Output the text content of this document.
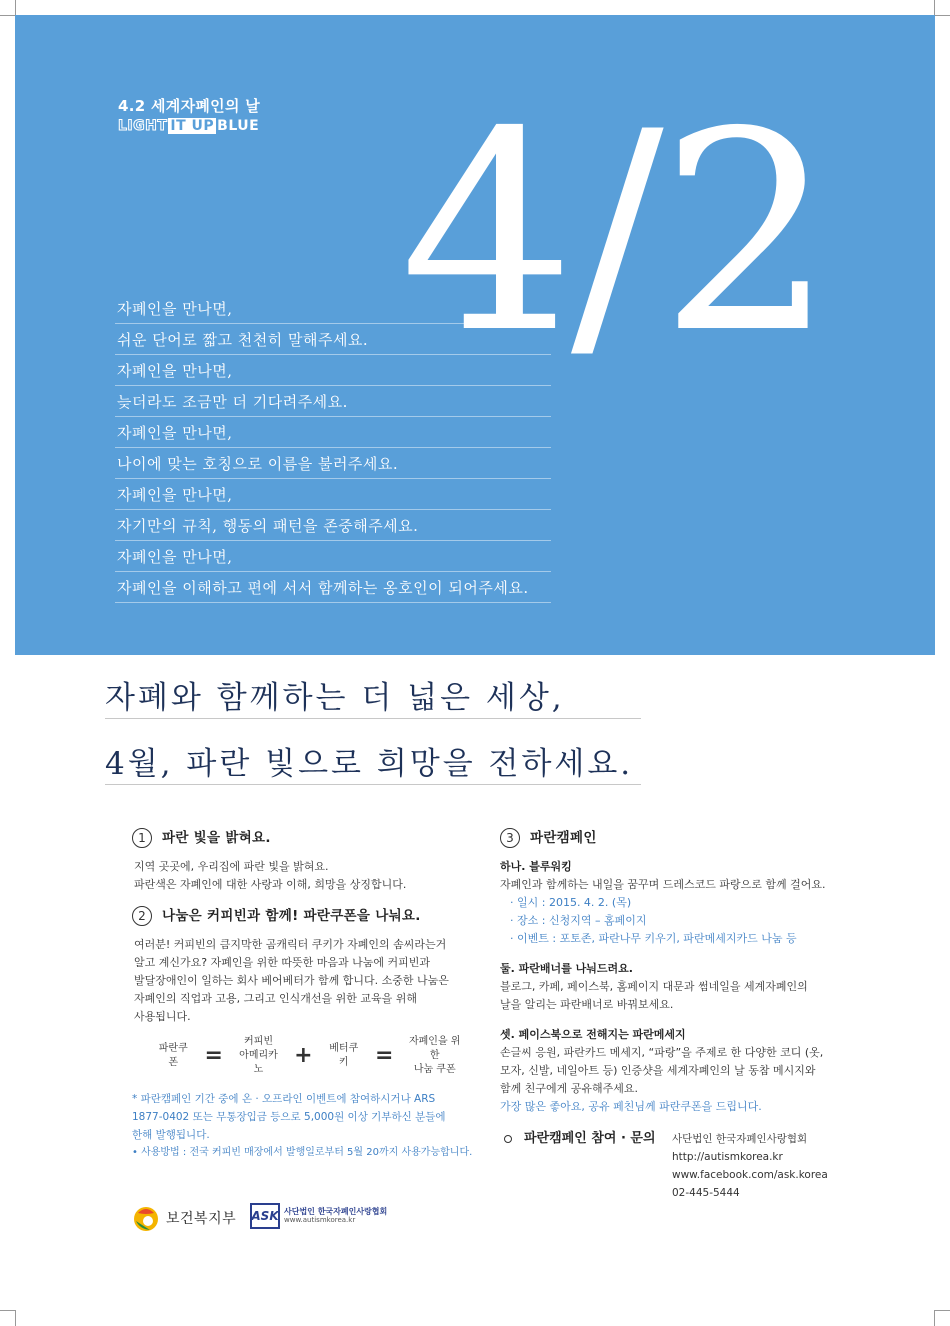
4.2 세계자폐인의 날
LIGHT IT UP BLUE 4/2
자폐인을 만나면,
쉬운 단어로 짧고 천천히 말해주세요.
자폐인을 만나면,
늦더라도 조금만 더 기다려주세요.
자폐인을 만나면,
나이에 맞는 호칭으로 이름을 불러주세요.
자폐인을 만나면,
자기만의 규칙, 행동의 패턴을 존중해주세요.
자폐인을 만나면,
자폐인을 이해하고 편에 서서 함께하는 옹호인이 되어주세요.
자폐와 함께하는 더 넓은 세상,
4월, 파란 빛으로 희망을 전하세요.
1	파란 빛을 밝혀요.
지역 곳곳에, 우리집에 파란 빛을 밝혀요.
파란색은 자폐인에 대한 사랑과 이해, 희망을 상징합니다.
2	나눔은 커피빈과 함께! 파란쿠폰을 나눠요.
여러분! 커피빈의 큼지막한 곰캐릭터 쿠키가 자폐인의 솜씨라는거
알고 계신가요? 자폐인을 위한 따뜻한 마음과 나눔에 커피빈과
발달장애인이 일하는 회사 베어베터가 함께 합니다. 소중한 나눔은
자폐인의 직업과 고용, 그리고 인식개선을 위한 교육을 위해
사용됩니다.
파란쿠폰	=
커피빈
아메리카노
+ 베터쿠키	=
자폐인을 위한
나눔 쿠폰
* 파란캠페인 기간 중에 온 · 오프라인 이벤트에 참여하시거나 ARS
1877-0402 또는 무통장입금 등으로 5,000원 이상 기부하신 분들에
한해 발행됩니다.
• 사용방법 : 전국 커피빈 매장에서 발행일로부터 5월 20까지 사용가능합니다.
3	파란캠페인
하나. 블루워킹
자폐인과 함께하는 내일을 꿈꾸며 드레스코드 파랑으로 함께 걸어요.
· 일시 : 2015. 4. 2. (목)
· 장소 : 신청지역 – 홈페이지
· 이벤트 : 포토존, 파란나무 키우기, 파란메세지카드 나눔 등
둘. 파란배너를 나눠드려요.
블로그, 카페, 페이스북, 홈페이지 대문과 썸네일을 세계자폐인의
날을 알리는 파란배너로 바꿔보세요.
셋. 페이스북으로 전해지는 파란메세지
손글씨 응원, 파란카드 메세지, “파랑”을 주제로 한 다양한 코디 (옷,
모자, 신발, 네일아트 등) 인증샷을 세계자폐인의 날 동참 메시지와
함께 친구에게 공유해주세요.
가장 많은 좋아요, 공유 페친님께 파란쿠폰을 드립니다.
파란캠페인 참여 · 문의 사단법인 한국자폐인사랑협회
http://autismkorea.kr
www.facebook.com/ask.korea
02-445-5444
보건복지부 ASK 사단법인 한국자폐인사랑협회
www.autismkorea.kr
